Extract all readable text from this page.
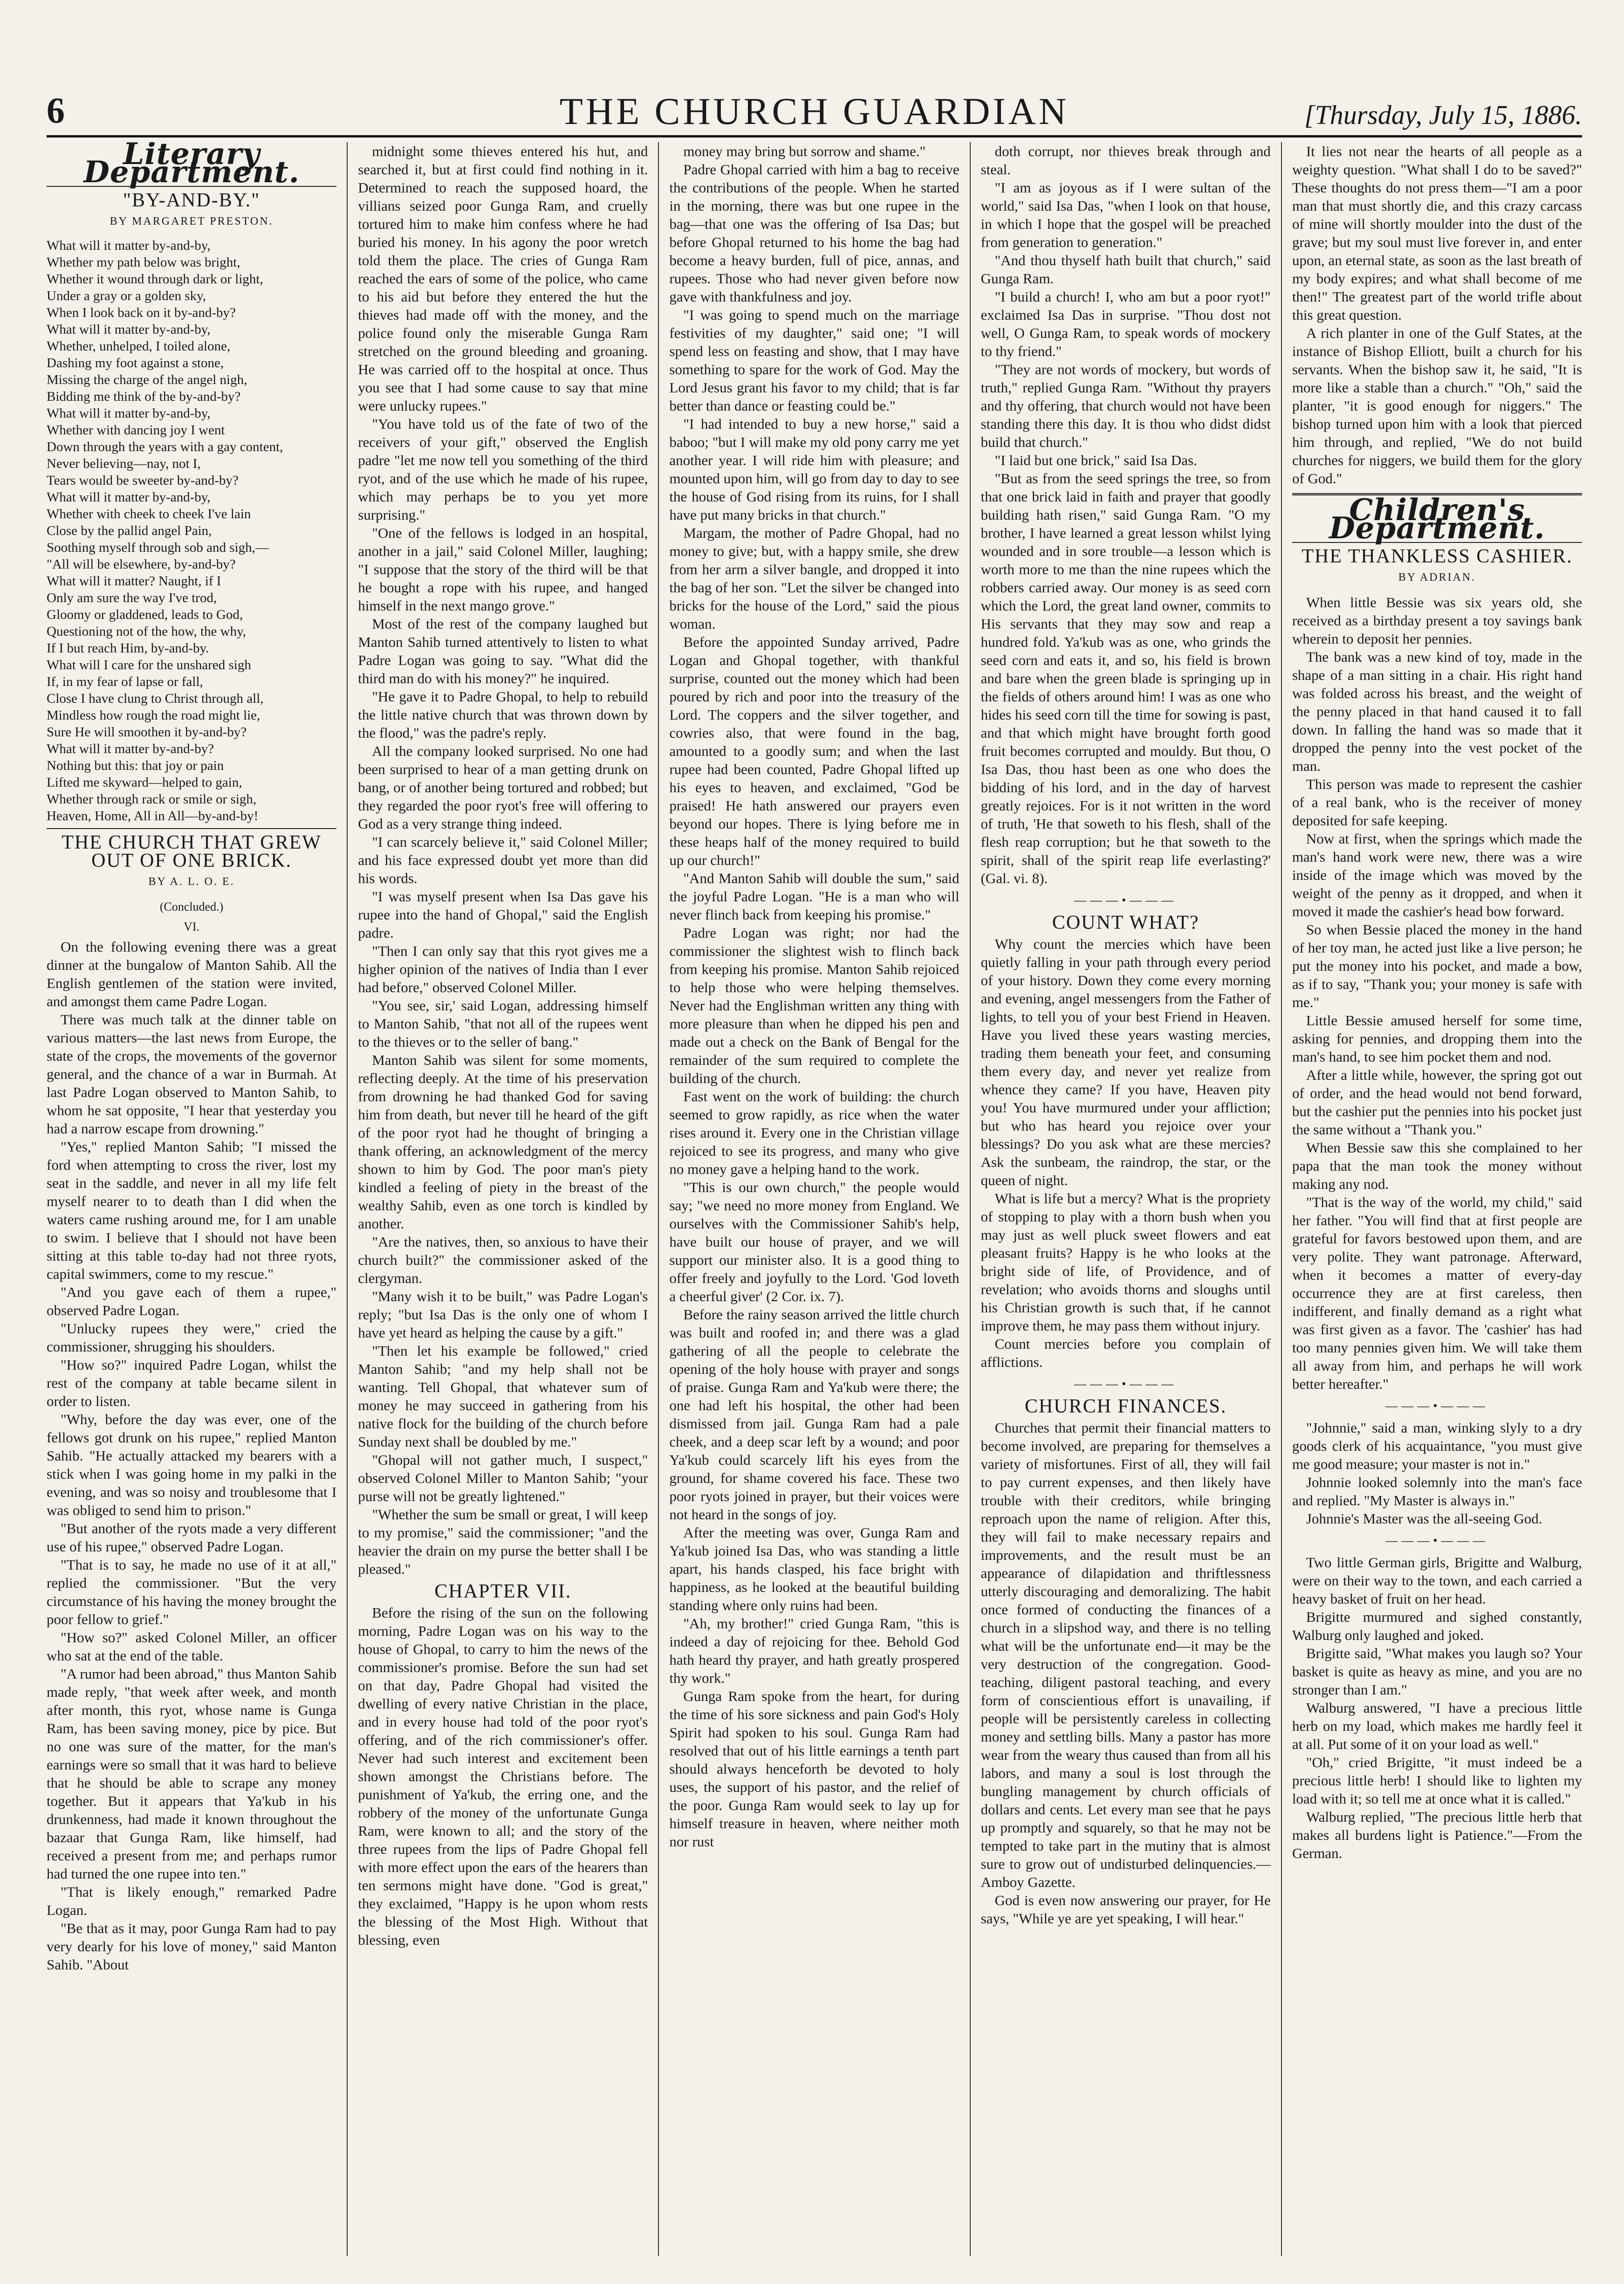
6	THE CHURCH GUARDIAN	[Thursday, July 15, 1886.
Literary Department.
"BY-AND-BY."
BY MARGARET PRESTON.

What will it matter by-and-by,
Whether my path below was bright,
Whether it wound through dark or light,
Under a gray or a golden sky,
When I look back on it by-and-by?

What will it matter by-and-by,
Whether, unhelped, I toiled alone,
Dashing my foot against a stone,
Missing the charge of the angel nigh,
Bidding me think of the by-and-by?

What will it matter by-and-by,
Whether with dancing joy I went
Down through the years with a gay content,
Never believing—nay, not I,
Tears would be sweeter by-and-by?

What will it matter by-and-by,
Whether with cheek to cheek I've lain
Close by the pallid angel Pain,
Soothing myself through sob and sigh,—
"All will be elsewhere, by-and-by?

What will it matter? Naught, if I
Only am sure the way I've trod,
Gloomy or gladdened, leads to God,
Questioning not of the how, the why,
If I but reach Him, by-and-by.

What will I care for the unshared sigh
If, in my fear of lapse or fall,
Close I have clung to Christ through all,
Mindless how rough the road might lie,
Sure He will smoothen it by-and-by?

What will it matter by-and-by?
Nothing but this: that joy or pain
Lifted me skyward—helped to gain,
Whether through rack or smile or sigh,
Heaven, Home, All in All—by-and-by!

THE CHURCH THAT GREW OUT OF ONE BRICK.
BY A. L. O. E.
(Concluded.)
VI.

On the following evening there was a great dinner at the bungalow of Manton Sahib. All the English gentlemen of the station were invited, and amongst them came Padre Logan.

There was much talk at the dinner table on various matters—the last news from Europe, the state of the crops, the movements of the governor general, and the chance of a war in Burmah. At last Padre Logan observed to Manton Sahib, to whom he sat opposite, "I hear that yesterday you had a narrow escape from drowning."

"Yes," replied Manton Sahib; "I missed the ford when attempting to cross the river, lost my seat in the saddle, and never in all my life felt myself nearer to to death than I did when the waters came rushing around me, for I am unable to swim. I believe that I should not have been sitting at this table to-day had not three ryots, capital swimmers, come to my rescue."

"And you gave each of them a rupee," observed Padre Logan.

"Unlucky rupees they were," cried the commissioner, shrugging his shoulders.

"How so?" inquired Padre Logan, whilst the rest of the company at table became silent in order to listen.

"Why, before the day was ever, one of the fellows got drunk on his rupee," replied Manton Sahib. "He actually attacked my bearers with a stick when I was going home in my palki in the evening, and was so noisy and troublesome that I was obliged to send him to prison."

"But another of the ryots made a very different use of his rupee," observed Padre Logan.

"That is to say, he made no use of it at all," replied the commissioner. "But the very circumstance of his having the money brought the poor fellow to grief."

"How so?" asked Colonel Miller, an officer who sat at the end of the table.

"A rumor had been abroad," thus Manton Sahib made reply, "that week after week, and month after month, this ryot, whose name is Gunga Ram, has been saving money, pice by pice. But no one was sure of the matter, for the man's earnings were so small that it was hard to believe that he should be able to scrape any money together. But it appears that Ya'kub in his drunkenness, had made it known throughout the bazaar that Gunga Ram, like himself, had received a present from me; and perhaps rumor had turned the one rupee into ten."

"That is likely enough," remarked Padre Logan.

"Be that as it may, poor Gunga Ram had to pay very dearly for his love of money," said Manton Sahib. "About

midnight some thieves entered his hut, and searched it, but at first could find nothing in it. Determined to reach the supposed hoard, the villians seized poor Gunga Ram, and cruelly tortured him to make him confess where he had buried his money. In his agony the poor wretch told them the place. The cries of Gunga Ram reached the ears of some of the police, who came to his aid but before they entered the hut the thieves had made off with the money, and the police found only the miserable Gunga Ram stretched on the ground bleeding and groaning. He was carried off to the hospital at once. Thus you see that I had some cause to say that mine were unlucky rupees."

"You have told us of the fate of two of the receivers of your gift," observed the English padre "let me now tell you something of the third ryot, and of the use which he made of his rupee, which may perhaps be to you yet more surprising."

"One of the fellows is lodged in an hospital, another in a jail," said Colonel Miller, laughing; "I suppose that the story of the third will be that he bought a rope with his rupee, and hanged himself in the next mango grove."

Most of the rest of the company laughed but Manton Sahib turned attentively to listen to what Padre Logan was going to say. "What did the third man do with his money?" he inquired.

"He gave it to Padre Ghopal, to help to rebuild the little native church that was thrown down by the flood," was the padre's reply.

All the company looked surprised. No one had been surprised to hear of a man getting drunk on bang, or of another being tortured and robbed; but they regarded the poor ryot's free will offering to God as a very strange thing indeed.

"I can scarcely believe it," said Colonel Miller; and his face expressed doubt yet more than did his words.

"I was myself present when Isa Das gave his rupee into the hand of Ghopal," said the English padre.

"Then I can only say that this ryot gives me a higher opinion of the natives of India than I ever had before," observed Colonel Miller.

"You see, sir,' said Logan, addressing himself to Manton Sahib, "that not all of the rupees went to the thieves or to the seller of bang."

Manton Sahib was silent for some moments, reflecting deeply. At the time of his preservation from drowning he had thanked God for saving him from death, but never till he heard of the gift of the poor ryot had he thought of bringing a thank offering, an acknowledgment of the mercy shown to him by God. The poor man's piety kindled a feeling of piety in the breast of the wealthy Sahib, even as one torch is kindled by another.

"Are the natives, then, so anxious to have their church built?" the commissioner asked of the clergyman.

"Many wish it to be built," was Padre Logan's reply; "but Isa Das is the only one of whom I have yet heard as helping the cause by a gift."

"Then let his example be followed," cried Manton Sahib; "and my help shall not be wanting. Tell Ghopal, that whatever sum of money he may succeed in gathering from his native flock for the building of the church before Sunday next shall be doubled by me."

"Ghopal will not gather much, I suspect," observed Colonel Miller to Manton Sahib; "your purse will not be greatly lightened."

"Whether the sum be small or great, I will keep to my promise," said the commissioner; "and the heavier the drain on my purse the better shall I be pleased."

CHAPTER VII.

Before the rising of the sun on the following morning, Padre Logan was on his way to the house of Ghopal, to carry to him the news of the commissioner's promise. Before the sun had set on that day, Padre Ghopal had visited the dwelling of every native Christian in the place, and in every house had told of the poor ryot's offering, and of the rich commissioner's offer. Never had such interest and excitement been shown amongst the Christians before. The punishment of Ya'kub, the erring one, and the robbery of the money of the unfortunate Gunga Ram, were known to all; and the story of the three rupees from the lips of Padre Ghopal fell with more effect upon the ears of the hearers than ten sermons might have done. "God is great," they exclaimed, "Happy is he upon whom rests the blessing of the Most High. Without that blessing, even

money may bring but sorrow and shame."

Padre Ghopal carried with him a bag to receive the contributions of the people. When he started in the morning, there was but one rupee in the bag—that one was the offering of Isa Das; but before Ghopal returned to his home the bag had become a heavy burden, full of pice, annas, and rupees. Those who had never given before now gave with thankfulness and joy.

"I was going to spend much on the marriage festivities of my daughter," said one; "I will spend less on feasting and show, that I may have something to spare for the work of God. May the Lord Jesus grant his favor to my child; that is far better than dance or feasting could be."

"I had intended to buy a new horse," said a baboo; "but I will make my old pony carry me yet another year. I will ride him with pleasure; and mounted upon him, will go from day to day to see the house of God rising from its ruins, for I shall have put many bricks in that church."

Margam, the mother of Padre Ghopal, had no money to give; but, with a happy smile, she drew from her arm a silver bangle, and dropped it into the bag of her son. "Let the silver be changed into bricks for the house of the Lord," said the pious woman.

Before the appointed Sunday arrived, Padre Logan and Ghopal together, with thankful surprise, counted out the money which had been poured by rich and poor into the treasury of the Lord. The coppers and the silver together, and cowries also, that were found in the bag, amounted to a goodly sum; and when the last rupee had been counted, Padre Ghopal lifted up his eyes to heaven, and exclaimed, "God be praised! He hath answered our prayers even beyond our hopes. There is lying before me in these heaps half of the money required to build up our church!"

"And Manton Sahib will double the sum," said the joyful Padre Logan. "He is a man who will never flinch back from keeping his promise."

Padre Logan was right; nor had the commissioner the slightest wish to flinch back from keeping his promise. Manton Sahib rejoiced to help those who were helping themselves. Never had the Englishman written any thing with more pleasure than when he dipped his pen and made out a check on the Bank of Bengal for the remainder of the sum required to complete the building of the church.

Fast went on the work of building: the church seemed to grow rapidly, as rice when the water rises around it. Every one in the Christian village rejoiced to see its progress, and many who give no money gave a helping hand to the work.

"This is our own church," the people would say; "we need no more money from England. We ourselves with the Commissioner Sahib's help, have built our house of prayer, and we will support our minister also. It is a good thing to offer freely and joyfully to the Lord. 'God loveth a cheerful giver' (2 Cor. ix. 7).

Before the rainy season arrived the little church was built and roofed in; and there was a glad gathering of all the people to celebrate the opening of the holy house with prayer and songs of praise. Gunga Ram and Ya'kub were there; the one had left his hospital, the other had been dismissed from jail. Gunga Ram had a pale cheek, and a deep scar left by a wound; and poor Ya'kub could scarcely lift his eyes from the ground, for shame covered his face. These two poor ryots joined in prayer, but their voices were not heard in the songs of joy.

After the meeting was over, Gunga Ram and Ya'kub joined Isa Das, who was standing a little apart, his hands clasped, his face bright with happiness, as he looked at the beautiful building standing where only ruins had been.

"Ah, my brother!" cried Gunga Ram, "this is indeed a day of rejoicing for thee. Behold God hath heard thy prayer, and hath greatly prospered thy work."

Gunga Ram spoke from the heart, for during the time of his sore sickness and pain God's Holy Spirit had spoken to his soul. Gunga Ram had resolved that out of his little earnings a tenth part should always henceforth be devoted to holy uses, the support of his pastor, and the relief of the poor. Gunga Ram would seek to lay up for himself treasure in heaven, where neither moth nor rust

doth corrupt, nor thieves break through and steal.

"I am as joyous as if I were sultan of the world," said Isa Das, "when I look on that house, in which I hope that the gospel will be preached from generation to generation."

"And thou thyself hath built that church," said Gunga Ram.

"I build a church! I, who am but a poor ryot!" exclaimed Isa Das in surprise. "Thou dost not well, O Gunga Ram, to speak words of mockery to thy friend."

"They are not words of mockery, but words of truth," replied Gunga Ram. "Without thy prayers and thy offering, that church would not have been standing there this day. It is thou who didst didst build that church."

"I laid but one brick," said Isa Das.

"But as from the seed springs the tree, so from that one brick laid in faith and prayer that goodly building hath risen," said Gunga Ram. "O my brother, I have learned a great lesson whilst lying wounded and in sore trouble—a lesson which is worth more to me than the nine rupees which the robbers carried away. Our money is as seed corn which the Lord, the great land owner, commits to His servants that they may sow and reap a hundred fold. Ya'kub was as one, who grinds the seed corn and eats it, and so, his field is brown and bare when the green blade is springing up in the fields of others around him! I was as one who hides his seed corn till the time for sowing is past, and that which might have brought forth good fruit becomes corrupted and mouldy. But thou, O Isa Das, thou hast been as one who does the bidding of his lord, and in the day of harvest greatly rejoices. For is it not written in the word of truth, 'He that soweth to his flesh, shall of the flesh reap corruption; but he that soweth to the spirit, shall of the spirit reap life everlasting?' (Gal. vi. 8).

———•———
COUNT WHAT?

Why count the mercies which have been quietly falling in your path through every period of your history. Down they come every morning and evening, angel messengers from the Father of lights, to tell you of your best Friend in Heaven. Have you lived these years wasting mercies, trading them beneath your feet, and consuming them every day, and never yet realize from whence they came? If you have, Heaven pity you! You have murmured under your affliction; but who has heard you rejoice over your blessings? Do you ask what are these mercies? Ask the sunbeam, the raindrop, the star, or the queen of night.

What is life but a mercy? What is the propriety of stopping to play with a thorn bush when you may just as well pluck sweet flowers and eat pleasant fruits? Happy is he who looks at the bright side of life, of Providence, and of revelation; who avoids thorns and sloughs until his Christian growth is such that, if he cannot improve them, he may pass them without injury.

Count mercies before you complain of afflictions.

———•———
CHURCH FINANCES.

Churches that permit their financial matters to become involved, are preparing for themselves a variety of misfortunes. First of all, they will fail to pay current expenses, and then likely have trouble with their creditors, while bringing reproach upon the name of religion. After this, they will fail to make necessary repairs and improvements, and the result must be an appearance of dilapidation and thriftlessness utterly discouraging and demoralizing. The habit once formed of conducting the finances of a church in a slipshod way, and there is no telling what will be the unfortunate end—it may be the very destruction of the congregation. Good-teaching, diligent pastoral teaching, and every form of conscientious effort is unavailing, if people will be persistently careless in collecting money and settling bills. Many a pastor has more wear from the weary thus caused than from all his labors, and many a soul is lost through the bungling management by church officials of dollars and cents. Let every man see that he pays up promptly and squarely, so that he may not be tempted to take part in the mutiny that is almost sure to grow out of undisturbed delinquencies.—Amboy Gazette.

God is even now answering our prayer, for He says, "While ye are yet speaking, I will hear."

It lies not near the hearts of all people as a weighty question. "What shall I do to be saved?" These thoughts do not press them—"I am a poor man that must shortly die, and this crazy carcass of mine will shortly moulder into the dust of the grave; but my soul must live forever in, and enter upon, an eternal state, as soon as the last breath of my body expires; and what shall become of me then!" The greatest part of the world trifle about this great question.

A rich planter in one of the Gulf States, at the instance of Bishop Elliott, built a church for his servants. When the bishop saw it, he said, "It is more like a stable than a church." "Oh," said the planter, "it is good enough for niggers." The bishop turned upon him with a look that pierced him through, and replied, "We do not build churches for niggers, we build them for the glory of God."

Children's Department.
THE THANKLESS CASHIER.
BY ADRIAN.

When little Bessie was six years old, she received as a birthday present a toy savings bank wherein to deposit her pennies.

The bank was a new kind of toy, made in the shape of a man sitting in a chair. His right hand was folded across his breast, and the weight of the penny placed in that hand caused it to fall down. In falling the hand was so made that it dropped the penny into the vest pocket of the man.

This person was made to represent the cashier of a real bank, who is the receiver of money deposited for safe keeping.

Now at first, when the springs which made the man's hand work were new, there was a wire inside of the image which was moved by the weight of the penny as it dropped, and when it moved it made the cashier's head bow forward.

So when Bessie placed the money in the hand of her toy man, he acted just like a live person; he put the money into his pocket, and made a bow, as if to say, "Thank you; your money is safe with me."

Little Bessie amused herself for some time, asking for pennies, and dropping them into the man's hand, to see him pocket them and nod.

After a little while, however, the spring got out of order, and the head would not bend forward, but the cashier put the pennies into his pocket just the same without a "Thank you."

When Bessie saw this she complained to her papa that the man took the money without making any nod.

"That is the way of the world, my child," said her father. "You will find that at first people are grateful for favors bestowed upon them, and are very polite. They want patronage. Afterward, when it becomes a matter of every-day occurrence they are at first careless, then indifferent, and finally demand as a right what was first given as a favor. The 'cashier' has had too many pennies given him. We will take them all away from him, and perhaps he will work better hereafter."

———•———

"Johnnie," said a man, winking slyly to a dry goods clerk of his acquaintance, "you must give me good measure; your master is not in."

Johnnie looked solemnly into the man's face and replied. "My Master is always in."

Johnnie's Master was the all-seeing God.

———•———

Two little German girls, Brigitte and Walburg, were on their way to the town, and each carried a heavy basket of fruit on her head.

Brigitte murmured and sighed constantly, Walburg only laughed and joked.

Brigitte said, "What makes you laugh so? Your basket is quite as heavy as mine, and you are no stronger than I am."

Walburg answered, "I have a precious little herb on my load, which makes me hardly feel it at all. Put some of it on your load as well."

"Oh," cried Brigitte, "it must indeed be a precious little herb! I should like to lighten my load with it; so tell me at once what it is called."

Walburg replied, "The precious little herb that makes all burdens light is Patience."—From the German.
